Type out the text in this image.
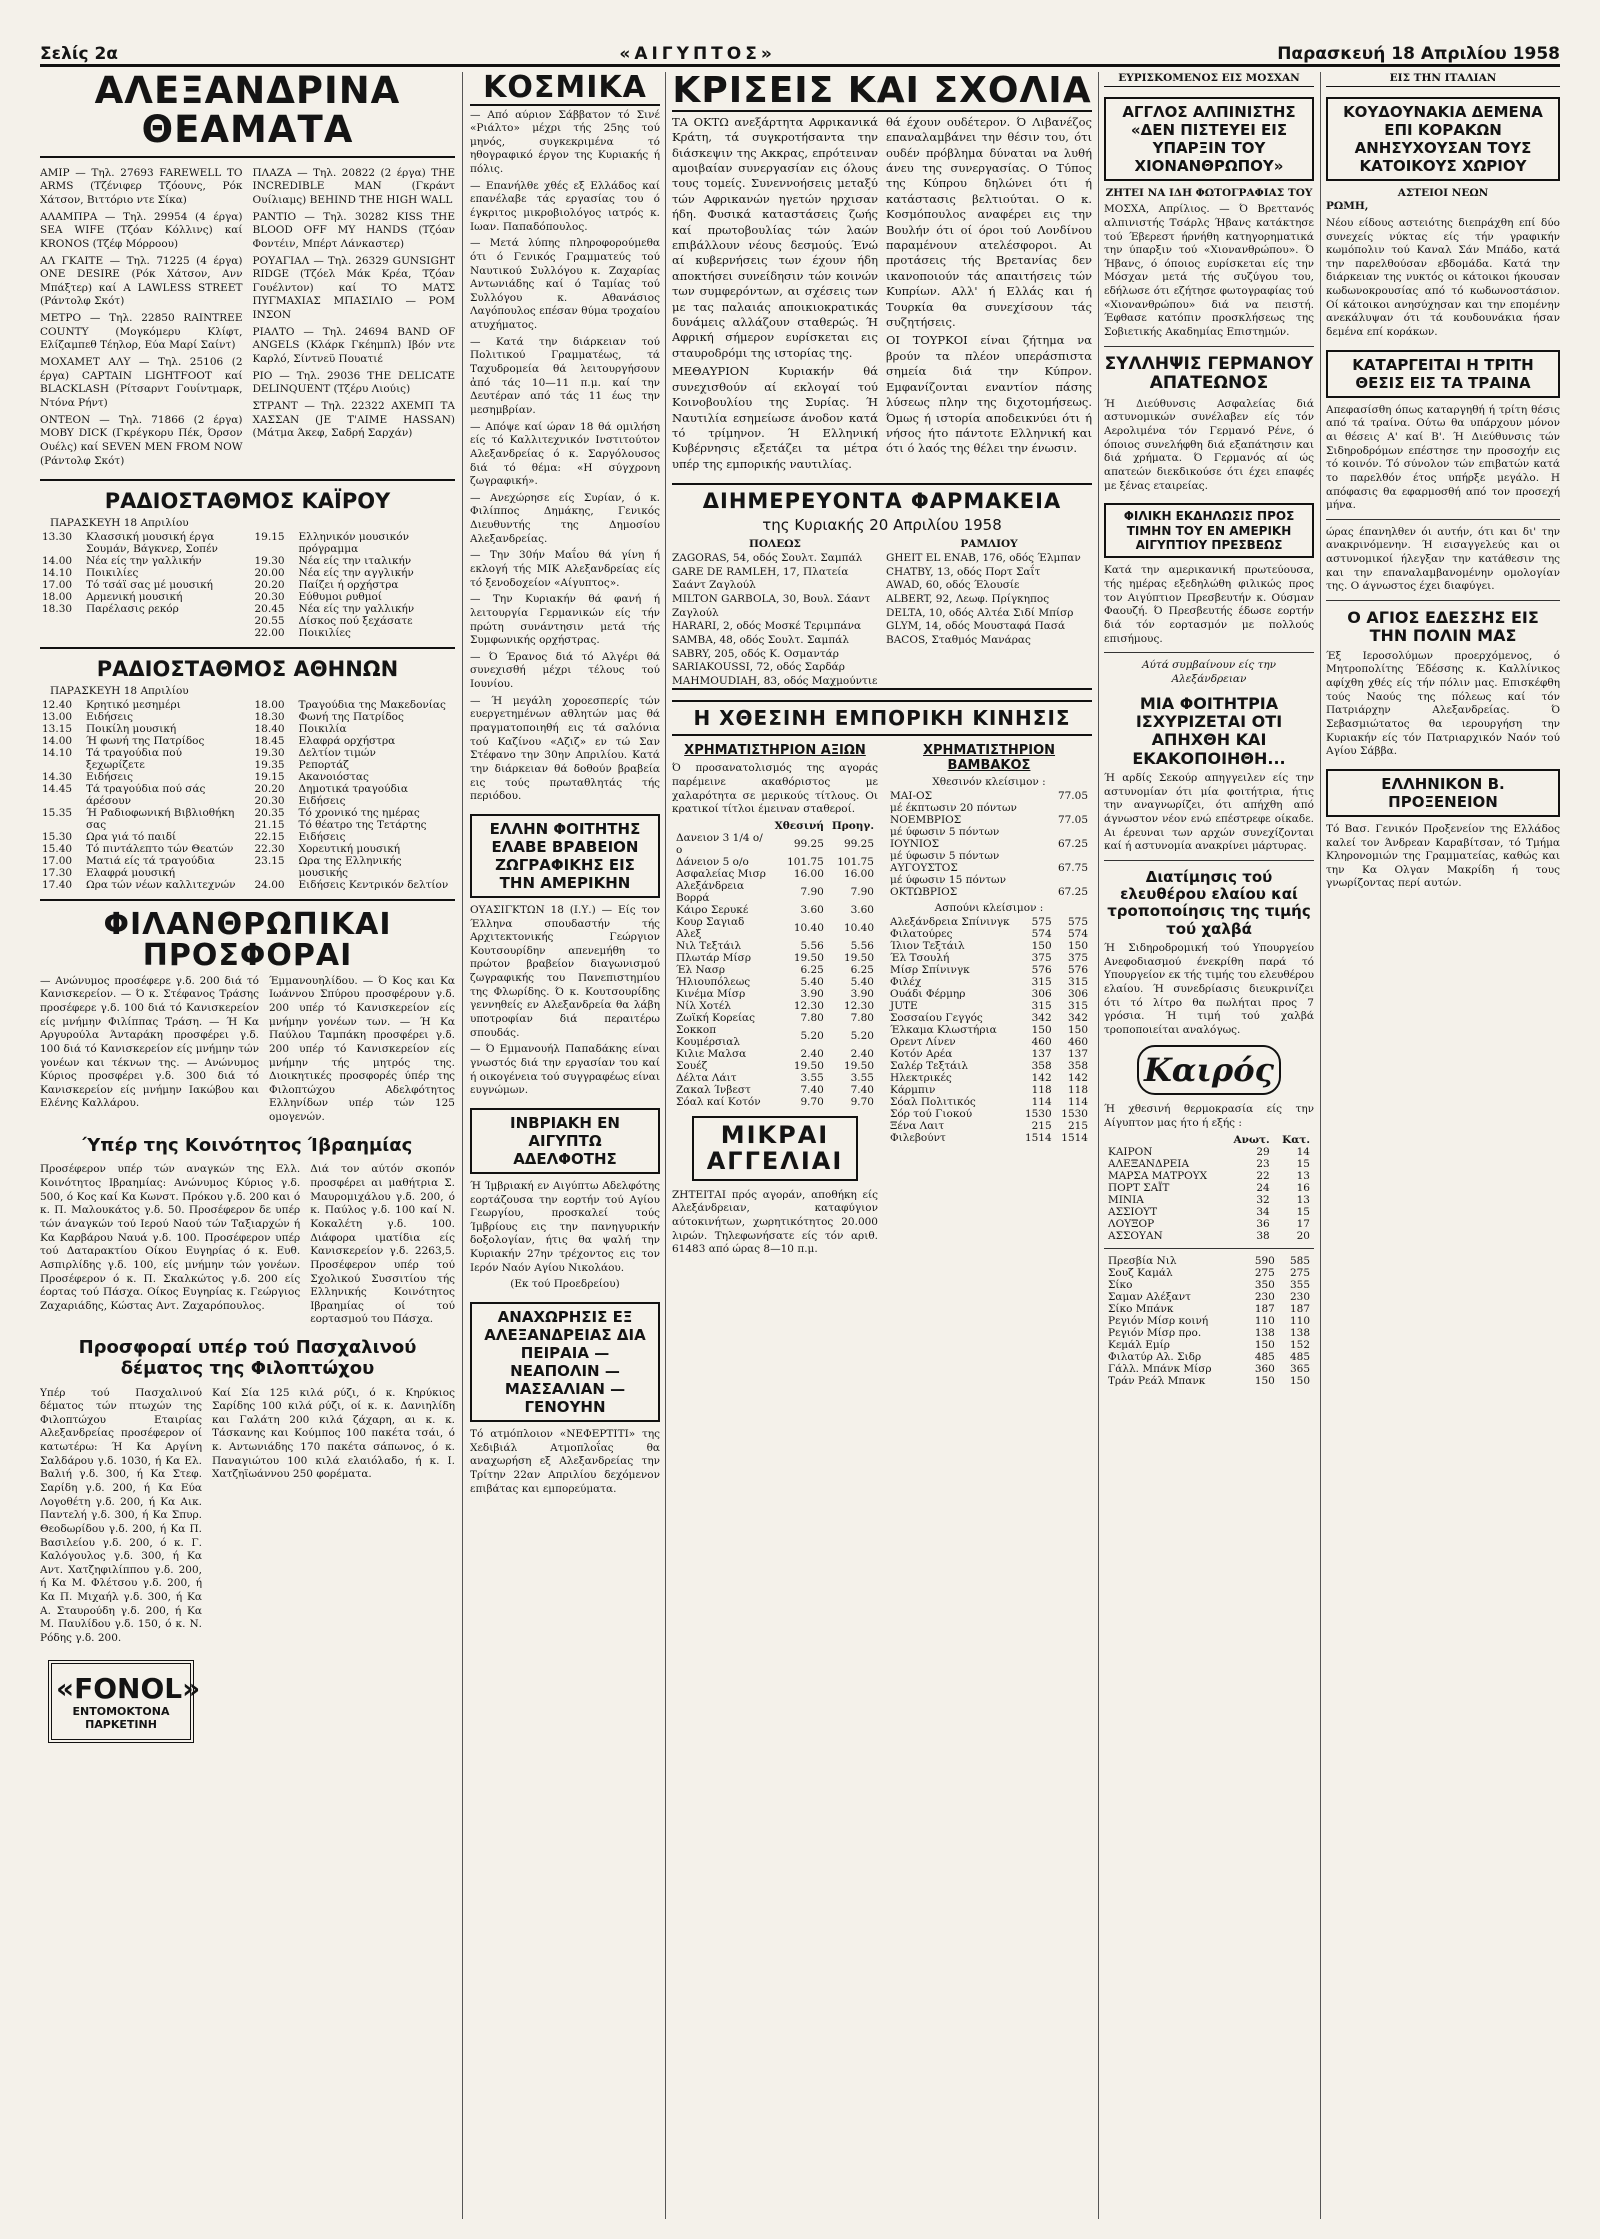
Σελίς 2α	«ΑΙΓΥΠΤΟΣ»	Παρασκευή 18 Απριλίου 1958
ΑΛΕΞΑΝΔΡΙΝΑ ΘΕΑΜΑΤΑ

ΑΜΙΡ — Τηλ. 27693 FAREWELL TO ARMS (Τζένιφερ Τζόουνς, Ρόκ Χάτσον, Βιττόριο ντε Σίκα)

ΑΛΑΜΠΡΑ — Τηλ. 29954 (4 έργα) SEA WIFE (Τζόαν Κόλλινς) καί KRONOS (Τζέφ Μόρροου)

ΑΛ ΓΚΑΙΤΕ — Τηλ. 71225 (4 έργα) ONE DESIRE (Ρόκ Χάτσον, Ανν Μπάξτερ) καί A LAWLESS STREET (Ράντολφ Σκότ)

ΜΕΤΡΟ — Τηλ. 22850 RAINTREE COUNTY (Μογκόμερυ Κλίφτ, Ελίζαμπεθ Τέηλορ, Εύα Μαρί Σαίντ)

ΜΟΧΑΜΕΤ ΑΛΥ — Τηλ. 25106 (2 έργα) CAPTAIN LIGHTFOOT καί BLACKLASH (Ρίτσαρντ Γουίντμαρκ, Ντόνα Ρήντ)

ΟΝΤΕΟΝ — Τηλ. 71866 (2 έργα) MOBY DICK (Γκρέγκορυ Πέκ, Όρσον Ουέλς) καί SEVEN MEN FROM NOW (Ράντολφ Σκότ)

ΠΛΑΖΑ — Τηλ. 20822 (2 έργα) THE INCREDIBLE MAN (Γκράντ Ουίλιαμς) BEHIND THE HIGH WALL

ΡΑΝΤΙΟ — Τηλ. 30282 KISS THE BLOOD OFF MY HANDS (Τζόαν Φοντέιν, Μπέρτ Λάνκαστερ)

ΡΟΥΑΓΙΑΛ — Τηλ. 26329 GUNSIGHT RIDGE (Τζόελ Μάκ Κρέα, Τζόαν Γουέλντον) καί ΤΟ ΜΑΤΣ ΠΥΓΜΑΧΙΑΣ ΜΠΑΣΙΛΙΟ — ΡΟΜ ΙΝΣΟΝ

ΡΙΑΛΤΟ — Τηλ. 24694 BAND OF ANGELS (Κλάρκ Γκέημπλ) Ιβόν ντε Καρλό, Σίντνεϋ Πουατιέ

ΡΙΟ — Τηλ. 29036 THE DELICATE DELINQUENT (Τζέρυ Λιούις)

ΣΤΡΑΝΤ — Τηλ. 22322 ΑΧΕΜΠ ΤΑ ΧΑΣΣΑΝ (JE T'AIME HASSAN) (Μάτμα Άκεφ, Σαδρή Σαρχάν)

ΡΑΔΙΟΣΤΑΘΜΟΣ ΚΑΪΡΟΥ
ΠΑΡΑΣΚΕΥΗ 18 Απριλίου
13.30	Κλασσική μουσική έργα Σουμάν, Βάγκνερ, Σοπέν
14.00	Νέα είς την γαλλικήν
14.10	Ποικιλίες
17.00	Τό τσάϊ σας μέ μουσική
18.00	Αρμενική μουσική
18.30	Παρέλασις ρεκόρ
19.15	Ελληνικόν μουσικόν πρόγραμμα
19.30	Νέα είς την ιταλικήν
20.00	Νέα είς την αγγλικήν
20.20	Παίζει ή ορχήστρα
20.30	Εύθυμοι ρυθμοί
20.45	Νέα είς την γαλλικήν
20.55	Δίσκος πού ξεχάσατε
22.00	Ποικιλίες
ΡΑΔΙΟΣΤΑΘΜΟΣ ΑΘΗΝΩΝ
ΠΑΡΑΣΚΕΥΗ 18 Απριλίου
12.40	Κρητικό μεσημέρι
13.00	Ειδήσεις
13.15	Ποικίλη μουσική
14.00	Ή φωνή της Πατρίδος
14.10	Τά τραγούδια πού ξεχωρίζετε
14.30	Ειδήσεις
14.45	Τά τραγούδια πού σάς άρέσουν
15.35	Ή Ραδιοφωνική Βιβλιοθήκη σας
15.30	Ωρα γιά τό παιδί
15.40	Τό πιντάλεπτο τών Θεατών
17.00	Ματιά είς τά τραγούδια
17.30	Ελαφρά μουσική
17.40	Ωρα τών νέων καλλιτεχνών
18.00	Τραγούδια της Μακεδονίας
18.30	Φωνή της Πατρίδος
18.40	Ποικιλία
18.45	Ελαφρά ορχήστρα
19.30	Δελτίον τιμών
19.35	Ρεπορτάζ
19.15	Ακανοιόστας
20.20	Δημοτικά τραγούδια
20.30	Ειδήσεις
20.35	Τό χρονικό της ημέρας
21.15	Τό θέατρο της Τετάρτης
22.15	Ειδήσεις
22.30	Χορευτική μουσική
23.15	Ωρα της Ελληνικής μουσικής
24.00	Ειδήσεις Κεντρικόν δελτίον
ΦΙΛΑΝΘΡΩΠΙΚΑΙ ΠΡΟΣΦΟΡΑΙ

— Ανώνυμος προσέφερε γ.δ. 200 διά τό Κανισκερείον. — Ό κ. Στέφανος Τράσης προσέφερε γ.δ. 100 διά τό Κανισκερείον είς μνήμην Φιλίππας Τράση. — Ή Κα Αργυρούλα Άνταράκη προσφέρει γ.δ. 100 διά τό Κανισκερείον είς μνήμην τών γονέων και τέκνων της. — Ανώνυμος Κύριος προσφέρει γ.δ. 300 διά τό Κανισκερείον είς μνήμην Ιακώβου και Ελένης Καλλάρου.

Έμμανουηλίδου. — Ό Κος και Κα Ιωάννου Σπύρου προσφέρουν γ.δ. 200 υπέρ τό Κανισκερείον είς μνήμην γονέων των. — Ή Κα Παύλου Ταμπάκη προσφέρει γ.δ. 200 υπέρ τό Κανισκερείον είς μνήμην τής μητρός της. Διοικητικές προσφορές ύπέρ της Φιλοπτώχου Αδελφότητος Ελληνίδων υπέρ τών 125 ομογενών.

Ύπέρ της Κοινότητος Ίβραημίας

Προσέφερον υπέρ τών αναγκών της Ελλ. Κοινότητος Ιβραημίας: Ανώνυμος Κύριος γ.δ. 500, ό Κος καί Κα Κωνστ. Πρόκου γ.δ. 200 και ό κ. Π. Μαλουκάτος γ.δ. 50. Προσέφερον δε υπέρ τών άναγκών τού Ιερού Ναού τών Ταξιαρχών ή Κα Καρβάρου Ναυά γ.δ. 100. Προσέφερον υπέρ τού Δαταρακτίου Οίκου Ευγηρίας ό κ. Ευθ. Ασπιρλίδης γ.δ. 100, είς μνήμην τών γονέων. Προσέφερον ό κ. Π. Σκαλκώτος γ.δ. 200 είς έορτας τού Πάσχα. Οίκος Ευγηρίας κ. Γεώργιος Ζαχαριάδης, Κώστας Αντ. Ζαχαρόπουλος.

Διά τον αύτόν σκοπόν προσφέρει αι μαθήτρια Σ. Μαυρομιχάλου γ.δ. 200, ό κ. Παύλος γ.δ. 100 καί Ν. Κοκαλέτη γ.δ. 100. Διάφορα ιματίδια είς Κανισκερείον γ.δ. 2263,5. Προσέφερον υπέρ τού Σχολικού Συσσιτίου τής Ελληνικής Κοινότητος Ιβραημίας οί τού εορτασμού του Πάσχα.

Προσφοραί υπέρ τού Πασχαλινού δέματος της Φιλοπτώχου

Υπέρ τού Πασχαλινού δέματος τών πτωχών της Φιλοπτώχου Εταιρίας Αλεξανδρείας προσέφερον οί κατωτέρω: Ή Κα Αργίνη Σαλδάρου γ.δ. 1030, ή Κα Ελ. Βαλιή γ.δ. 300, ή Κα Στεφ. Σαρίδη γ.δ. 200, ή Κα Εύα Λογοθέτη γ.δ. 200, ή Κα Αικ. Παντελή γ.δ. 300, ή Κα Σπυρ. Θεοδωρίδου γ.δ. 200, ή Κα Π. Βασιλείου γ.δ. 200, ό κ. Γ. Καλόγουλος γ.δ. 300, ή Κα Αντ. Χατζηφιλίππου γ.δ. 200, ή Κα Μ. Φλέτσου γ.δ. 200, ή Κα Π. Μιχαήλ γ.δ. 300, ή Κα Α. Σταυρούδη γ.δ. 200, ή Κα Μ. Παυλίδου γ.δ. 150, ό κ. Ν. Ρόδης γ.δ. 200.

«FONOL»
ΕΝΤΟΜΟΚΤΟΝΑ
ΠΑΡΚΕΤΙΝΗ

Καί Σία 125 κιλά ρύζι, ό κ. Κηρύκιος Σαρίδης 100 κιλά ρύζι, οί κ. κ. Δανιηλίδη και Γαλάτη 200 κιλά ζάχαρη, αι κ. κ. Τάσκανης και Κούμπος 100 πακέτα τσάι, ό κ. Αντωνιάδης 170 πακέτα σάπωνος, ό κ. Παναγιώτου 100 κιλά ελαιόλαδο, ή κ. Ι. Χατζηϊωάννου 250 φορέματα.

ΚΟΣΜΙΚΑ

— Από αύριον Σάββατον τό Σινέ «Ριάλτο» μέχρι τής 25ης τού μηνός, συγκεκριμένα τό ηθογραφικό έργον της Κυριακής ή πόλις.

— Επανήλθε χθές εξ Ελλάδος καί επανέλαβε τάς εργασίας του ό έγκριτος μικροβιολόγος ιατρός κ. Ιωαν. Παπαδόπουλος.

— Μετά λύπης πληροφορούμεθα ότι ό Γενικός Γραμματεύς τού Ναυτικού Συλλόγου κ. Ζαχαρίας Αντωνιάδης καί ό Ταμίας τού Συλλόγου κ. Αθανάσιος Λαγόπουλος επέσαν θύμα τροχαίου ατυχήματος.

— Κατά την διάρκειαν τού Πολιτικού Γραμματέως, τά Ταχυδρομεία θά λειτουργήσουν ἀπό τάς 10—11 π.μ. καί την Δευτέραν από τάς 11 έως την μεσημβρίαν.

— Απόψε καί ώραν 18 θά ομιλήση είς τό Καλλιτεχνικόν Ινστιτούτον Αλεξανδρείας ό κ. Σαργόλουσος διά τό θέμα: «Η σύγχρονη ζωγραφική».

— Ανεχώρησε είς Συρίαν, ό κ. Φιλίππος Δημάκης, Γενικός Διευθυντής της Δημοσίου Αλεξανδρείας.

— Την 30ήν Μαΐου θά γίνη ή εκλογή τής ΜΙΚ Αλεξανδρείας είς τό ξενοδοχείον «Αίγυπτος».

— Την Κυριακήν θά φανή ή λειτουργία Γερμανικών είς τήν πρώτη συνάντησιν μετά τής Συμφωνικής ορχήστρας.

— Ό Έρανος διά τό Αλγέρι θά συνεχισθή μέχρι τέλους τού Ιουνίου.

— Ή μεγάλη χοροεσπερίς τών ευεργετημένων αθλητών μας θά πραγματοποιηθή εις τά σαλόνια τού Καζίνου «Αζιζ» εν τώ Σαν Στέφανο την 30ην Απριλίου. Κατά την διάρκειαν θά δοθούν βραβεία εις τούς πρωταθλητάς τής περιόδου.

ΕΛΛΗΝ ΦΟΙΤΗΤΗΣ ΕΛΑΒΕ ΒΡΑΒΕΙΟΝ ΖΩΓΡΑΦΙΚΗΣ ΕΙΣ ΤΗΝ ΑΜΕΡΙΚΗΝ

ΟΥΑΣΙΓΚΤΩΝ 18 (Ι.Υ.) — Είς τον Έλληνα σπουδαστήν τής Αρχιτεκτονικής Γεώργιον Κουτσουρίδην απενεμήθη το πρώτον βραβείον διαγωνισμού ζωγραφικής του Πανεπιστημίου της Φλωρίδης. Ό κ. Κουτσουρίδης γεννηθείς εν Αλεξανδρεία θα λάβη υποτροφίαν διά περαιτέρω σπουδάς.

— Ό Εμμανουήλ Παπαδάκης είναι γνωστός διά την εργασίαν του καί ή οικογένεια τού συγγραφέως είναι ευγνώμων.

ΙΝΒΡΙΑΚΗ ΕΝ ΑΙΓΥΠΤΩ ΑΔΕΛΦΟΤΗΣ

Ή Ίμβριακή εν Αιγύπτω Αδελφότης εορτάζουσα την εορτήν τού Αγίου Γεωργίου, προσκαλεί τούς Ίμβρίους εις την πανηγυρικήν δοξολογίαν, ήτις θα ψαλή την Κυριακήν 27ην τρέχοντος εις τον Ιερόν Ναόν Αγίου Νικολάου.

(Εκ τού Προεδρείου)

ΑΝΑΧΩΡΗΣΙΣ ΕΞ ΑΛΕΞΑΝΔΡΕΙΑΣ ΔΙΑ ΠΕΙΡΑΙΑ — ΝΕΑΠΟΛΙΝ — ΜΑΣΣΑΛΙΑΝ — ΓΕΝΟΥΗΝ

Τό ατμόπλοιον «ΝΕΦΕΡΤΙΤΙ» της Χεδιβιάλ Ατμοπλοΐας θα αναχωρήση εξ Αλεξανδρείας την Τρίτην 22αν Απριλίου δεχόμενον επιβάτας και εμπορεύματα.

ΚΡΙΣΕΙΣ ΚΑΙ ΣΧΟΛΙΑ

ΤΑ ΟΚΤΩ ανεξάρτητα Αφρικανικά Κράτη, τά συγκροτήσαντα την διάσκεψιν της Ακκρας, επρότειναν αμοιβαίαν συνεργασίαν εις όλους τους τομείς. Συνεννοήσεις μεταξύ τών Αφρικανών ηγετών ηρχισαν ήδη. Φυσικά καταστάσεις ζωής καί πρωτοβουλίας τών λαών επιβάλλουν νέους δεσμούς. Ένώ αί κυβερνήσεις των έχουν ήδη αποκτήσει συνείδησιν τών κοινών των συμφερόντων, αι σχέσεις των με τας παλαιάς αποικιοκρατικάς δυνάμεις αλλάζουν σταθερώς. Ή Αφρική σήμερον ευρίσκεται εις σταυροδρόμι της ιστορίας της.

ΜΕΘΑΥΡΙΟΝ Κυριακήν θά συνεχισθούν αί εκλογαί τού Κοινοβουλίου της Συρίας. Ή Ναυτιλία εσημείωσε άνοδον κατά τό τρίμηνον. Ή Ελληνική Κυβέρνησις εξετάζει τα μέτρα υπέρ της εμπορικής ναυτιλίας.

θά έχουν ουδέτερον. Ό Λιβανέζος επαναλαμβάνει την θέσιν του, ότι ουδέν πρόβλημα δύναται να λυθή άνευ της συνεργασίας. Ο Τύπος της Κύπρου δηλώνει ότι ή κατάστασις βελτιούται. Ο κ. Κοσμόπουλος αναφέρει εις την Βουλήν ότι οί όροι τού Λονδίνου παραμένουν ατελέσφοροι. Αι προτάσεις τής Βρετανίας δεν ικανοποιούν τάς απαιτήσεις τών Κυπρίων. Αλλ' ή Ελλάς και ή Τουρκία θα συνεχίσουν τάς συζητήσεις.

ΟΙ ΤΟΥΡΚΟΙ είναι ζήτημα να βρούν τα πλέον υπεράσπιστα σημεία διά την Κύπρον. Εμφανίζονται εναντίον πάσης λύσεως πλην της διχοτομήσεως. Όμως ή ιστορία αποδεικνύει ότι ή νήσος ήτο πάντοτε Ελληνική και ότι ό λαός της θέλει την ένωσιν.

ΔΙΗΜΕΡΕΥΟΝΤΑ ΦΑΡΜΑΚΕΙΑ
της Κυριακής 20 Απριλίου 1958
ΠΟΛΕΩΣ
ZAGORAS, 54, οδός Σουλτ. Σαμπάλ
GARE DE RAMLEH, 17, Πλατεία Σαάντ Ζαγλούλ
MILTON GARBOLA, 30, Βουλ. Σάαντ Ζαγλούλ
HARARI, 2, οδός Μοσκέ Τεριμπάνα
SAMBA, 48, οδός Σουλτ. Σαμπάλ
SABRY, 205, οδός Κ. Οσμαντάρ
SARIAKOUSSI, 72, οδός Σαρδάρ
MAHMOUDIAH, 83, οδός Μαχμούντιε
ΡΑΜΛΙΟΥ
GHEIT EL ENAB, 176, οδός Έλμπαν
CHATBY, 13, οδός Πορτ Σαΐτ
AWAD, 60, οδός Έλουσίε
ALBERT, 92, Λεωφ. Πρίγκηπος
DELTA, 10, οδός Αλτέα Σιδί Μπίσρ
GLYM, 14, οδός Μουσταφά Πασά
BACOS, Σταθμός Μανάρας
Η ΧΘΕΣΙΝΗ ΕΜΠΟΡΙΚΗ ΚΙΝΗΣΙΣ
ΧΡΗΜΑΤΙΣΤΗΡΙΟΝ ΑΞΙΩΝ

Ό προσανατολισμός της αγοράς παρέμεινε ακαθόριστος με χαλαρότητα σε μερικούς τίτλους. Οι κρατικοί τίτλοι έμειναν σταθεροί.

	Χθεσινή	Προηγ.
Δανειον 3 1/4 ο/ο	99.25	99.25
Δάνειον 5 ο/ο	101.75	101.75
Ασφαλείας Μισρ	16.00	16.00
Αλεξάνδρεια Βορρά	7.90	7.90
Κάιρο Σερυκέ	3.60	3.60
Κουρ Σαγιαδ Αλεξ	10.40	10.40
Νιλ Τεξτάιλ	5.56	5.56
Πλωτάρ Μίσρ	19.50	19.50
Έλ Νασρ	6.25	6.25
Ήλιουπόλεως	5.40	5.40
Κινέμα Μίσρ	3.90	3.90
Νίλ Χοτέλ	12.30	12.30
Ζωϊκή Κορείας	7.80	7.80
Σοκκοπ Κουμέρσιαλ	5.20	5.20
Κιλιε Μαλσα	2.40	2.40
Σουέζ	19.50	19.50
Δέλτα Λάιτ	3.55	3.55
Ζακαλ Ίνβεστ	7.40	7.40
Σόαλ καί Κοτόν	9.70	9.70
ΜΙΚΡΑΙ ΑΓΓΕΛΙΑΙ

ΖΗΤΕΙΤΑΙ πρός αγοράν, αποθήκη είς Αλεξάνδρειαν, καταφύγιον αύτοκινήτων, χωρητικότητος 20.000 λιρών. Τηλεφωνήσατε είς τόν αριθ. 61483 από ώρας 8—10 π.μ.

ΧΡΗΜΑΤΙΣΤΗΡΙΟΝ ΒΑΜΒΑΚΟΣ
Χθεσινόν κλείσιμον :
ΜΑΙ-ΟΣ	77.05
μέ έκπτωσιν 20 πόντων	
ΝΟΕΜΒΡΙΟΣ	77.05
μέ ύφωσιν 5 πόντων	
ΙΟΥΝΙΟΣ	67.25
μέ ύφωσιν 5 πόντων	
ΑΥΓΟΥΣΤΟΣ	67.75
μέ ύφωσιν 15 πόντων	
ΟΚΤΩΒΡΙΟΣ	67.25
Ασπούνι κλείσιμον :
Αλεξάνδρεια Σπίνινγκ	575	575
Φιλατούρες	574	574
Ίλιον Τεξτάιλ	150	150
Έλ Τσουλή	375	375
Μίσρ Σπίνινγκ	576	576
Φιλέχ	315	315
Ουάδι Φέρμηρ	306	306
JUTE	315	315
Σοσσαίου Γεγγός	342	342
Έλκαμα Κλωστήρια	150	150
Ορεντ Λίνεν	460	460
Κοτόν Αρέα	137	137
Σαλέρ Τεξτάιλ	358	358
Ηλεκτρικές	142	142
Κάρμπιν	118	118
Σόαλ Πολιτικός	114	114
Σόρ τού Γιοκού	1530	1530
Ξένα Λαιτ	215	215
Φιλεβούντ	1514	1514
ΕΥΡΙΣΚΟΜΕΝΟΣ ΕΙΣ ΜΟΣΧΑΝ
ΑΓΓΛΟΣ ΑΛΠΙΝΙΣΤΗΣ «ΔΕΝ ΠΙΣΤΕΥΕΙ ΕΙΣ ΥΠΑΡΞΙΝ ΤΟΥ ΧΙΟΝΑΝΘΡΩΠΟΥ»
ΖΗΤΕΙ ΝΑ ΙΔΗ ΦΩΤΟΓΡΑΦΙΑΣ ΤΟΥ

ΜΟΣΧΑ, Απρίλιος. — Ό Βρεττανός αλπινιστής Τσάρλς Ήβανς κατάκτησε τού Έβερεστ ήρνήθη κατηγορηματικά την ύπαρξιν τού «Χιονανθρώπου». Ό Ήβανς, ό όποιος ευρίσκεται είς την Μόσχαν μετά τής συζύγου του, εδήλωσε ότι εζήτησε φωτογραφίας τού «Χιονανθρώπου» διά να πειστή. Έφθασε κατόπιν προσκλήσεως της Σοβιετικής Ακαδημίας Επιστημών.

ΣΥΛΛΗΨΙΣ ΓΕΡΜΑΝΟΥ ΑΠΑΤΕΩΝΟΣ

Ή Διεύθυνσις Ασφαλείας διά αστυνομικών συνέλαβεν είς τόν Αερολιμένα τόν Γερμανό Ρένε, ό όποιος συνελήφθη διά εξαπάτησιν και διά χρήματα. Ό Γερμανός αί ώς απατεών διεκδικούσε ότι έχει επαφές με ξένας εταιρείας.

ΦΙΛΙΚΗ ΕΚΔΗΛΩΣΙΣ ΠΡΟΣ ΤΙΜΗΝ ΤΟΥ ΕΝ ΑΜΕΡΙΚΗ ΑΙΓΥΠΤΙΟΥ ΠΡΕΣΒΕΩΣ

Κατά την αμερικανική πρωτεύουσα, τής ημέρας εξεδηλώθη φιλικώς προς τον Αιγύπτιον Πρεσβευτήν κ. Ούσμαν Φαουζή. Ό Πρεσβευτής έδωσε εορτήν διά τόν εορτασμόν με πολλούς επισήμους.

Αύτά συμβαίνουν είς την Αλεξάνδρειαν
ΜΙΑ ΦΟΙΤΗΤΡΙΑ ΙΣΧΥΡΙΖΕΤΑΙ ΟΤΙ ΑΠΗΧΘΗ ΚΑΙ ΕΚΑΚΟΠΟΙΗΘΗ...

Ή αρδίς Σεκούρ απηγγειλεν είς την αστυνομίαν ότι μία φοιτήτρια, ήτις την αναγνωρίζει, ότι απήχθη από άγνωστον νέον ενώ επέστρεφε οίκαδε. Αι έρευναι των αρχών συνεχίζονται καί ή αστυνομία ανακρίνει μάρτυρας.

Διατίμησις τού ελευθέρου ελαίου καί τροποποίησις της τιμής τού χαλβά

Ή Σιδηροδρομική τού Υπουργείου Ανεφοδιασμού ένεκρίθη παρά τό Υπουργείον εκ τής τιμής του ελευθέρου ελαίου. Ή συνεδρίασις διευκρινίζει ότι τό λίτρο θα πωλήται προς 7 γρόσια. Ή τιμή τού χαλβά τροποποιείται αναλόγως.

Καιρός

Ή χθεσινή θερμοκρασία είς την Αίγυπτον μας ήτο ή εξής :

	Ανωτ.	Κατ.
ΚΑΙΡΟΝ	29	14
ΑΛΕΞΑΝΔΡΕΙΑ	23	15
ΜΑΡΣΑ ΜΑΤΡΟΥΧ	22	13
ΠΟΡΤ ΣΑΪΤ	24	16
ΜΙΝΙΑ	32	13
ΑΣΣΙΟΥΤ	34	15
ΛΟΥΞΟΡ	36	17
ΑΣΣΟΥΑΝ	38	20
Πρεσβία Νιλ	590	585
Σουζ Καμάλ	275	275
Σίκο	350	355
Σαμαν Αλέξαντ	230	230
Σίκο Μπάνκ	187	187
Ρεγιόν Μίσρ κοινή	110	110
Ρεγιόν Μίσρ προ.	138	138
Κεμάλ Εμίρ	150	152
Φιλατύρ Αλ. Σιδρ	485	485
Γάλλ. Μπάνκ Μίσρ	360	365
Τράν Ρεάλ Μπανκ	150	150
ΕΙΣ ΤΗΝ ΙΤΑΛΙΑΝ
ΚΟΥΔΟΥΝΑΚΙΑ ΔΕΜΕΝΑ ΕΠΙ ΚΟΡΑΚΩΝ ΑΝΗΣΥΧΟΥΣΑΝ ΤΟΥΣ ΚΑΤΟΙΚΟΥΣ ΧΩΡΙΟΥ
ΑΣΤΕΙΟΙ ΝΕΩΝ
ΡΩΜΗ,

Νέου είδους αστειότης διεπράχθη επί δύο συνεχείς νύκτας είς τήν γραφικήν κωμόπολιν τού Καναλ Σάν Μπάδο, κατά την παρελθούσαν εβδομάδα. Κατά την διάρκειαν της νυκτός οι κάτοικοι ήκουσαν κωδωνοκρουσίας από τό κωδωνοστάσιον. Οί κάτοικοι ανησύχησαν και την επομένην ανεκάλυψαν ότι τά κουδουνάκια ήσαν δεμένα επί κοράκων.

ΚΑΤΑΡΓΕΙΤΑΙ Η ΤΡΙΤΗ ΘΕΣΙΣ ΕΙΣ ΤΑ ΤΡΑΙΝΑ

Απεφασίσθη όπως καταργηθή ή τρίτη θέσις από τά τραίνα. Ούτω θα υπάρχουν μόνον αι θέσεις Α' καί Β'. Ή Διεύθυνσις τών Σιδηροδρόμων επέστησε την προσοχήν εις τό κοινόν. Τό σύνολον τών επιβατών κατά το παρελθόν έτος υπήρξε μεγάλο. Η απόφασις θα εφαρμοσθή από τον προσεχή μήνα.

ώρας έπανηλθεν όι αυτήν, ότι και δι' την ανακρινόμενην. Ή εισαγγελεύς και οι αστυνομικοί ήλεγξαν την κατάθεσιν της και την επαναλαμβανομένην ομολογίαν της. Ο άγνωστος έχει διαφύγει.

Ο ΑΓΙΟΣ ΕΔΕΣΣΗΣ ΕΙΣ ΤΗΝ ΠΟΛΙΝ ΜΑΣ

Έξ Ιεροσολύμων προερχόμενος, ό Μητροπολίτης Έδέσσης κ. Καλλίνικος αφίχθη χθές είς τήν πόλιν μας. Επισκέφθη τούς Ναούς της πόλεως καί τόν Πατριάρχην Αλεξανδρείας. Ό Σεβασμιώτατος θα ιερουργήση την Κυριακήν είς τόν Πατριαρχικόν Ναόν τού Αγίου Σάββα.

ΕΛΛΗΝΙΚΟΝ Β. ΠΡΟΞΕΝΕΙΟΝ

Τό Βασ. Γενικόν Προξενείον της Ελλάδος καλεί τον Άνδρεαν Καραβίτσαν, τό Τμήμα Κληρονομιών της Γραμματείας, καθώς και την Κα Ολγαν Μακρίδη ή τους γνωρίζοντας περί αυτών.
